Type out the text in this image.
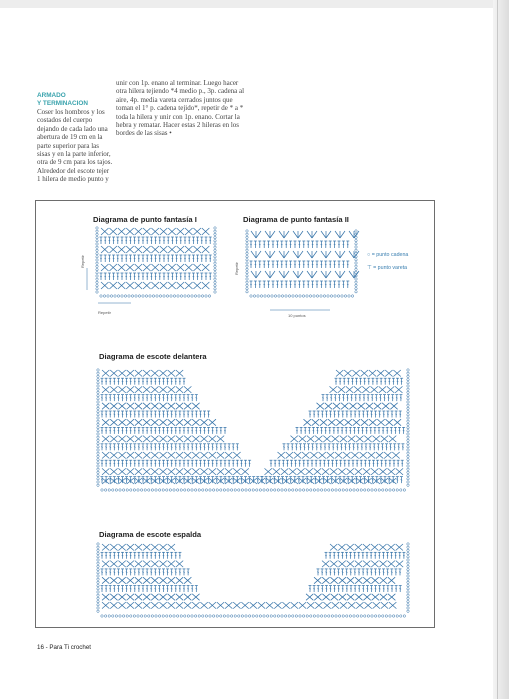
unir con 1p. enano al terminar. Luego hacer otra hilera tejiendo *4 medio p., 3p. cadena al aire, 4p. media vareta cerrados juntos que toman el 1° p. cadena tejido*, repetir de * a * toda la hilera y unir con 1p. enano. Cortar la hebra y rematar. Hacer estas 2 hileras en los bordes de las sisas •

ARMADO
Y TERMINACION

Coser los hombros y los costados del cuerpo dejando de cada lado una abertura de 19 cm en la parte superior para las sisas y en la parte inferior, otra de 9 cm para los tajos. Alrededor del escote tejer 1 hilera de medio punto y

Diagrama de punto fantasía I	Diagrama de punto fantasía II
Diagrama de escote delantera
Diagrama de escote espalda
Repetir
Repetir
Repetir
10 puntos
○ = punto cadena
⊤ = punto vareta
16 - Para Ti crochet
